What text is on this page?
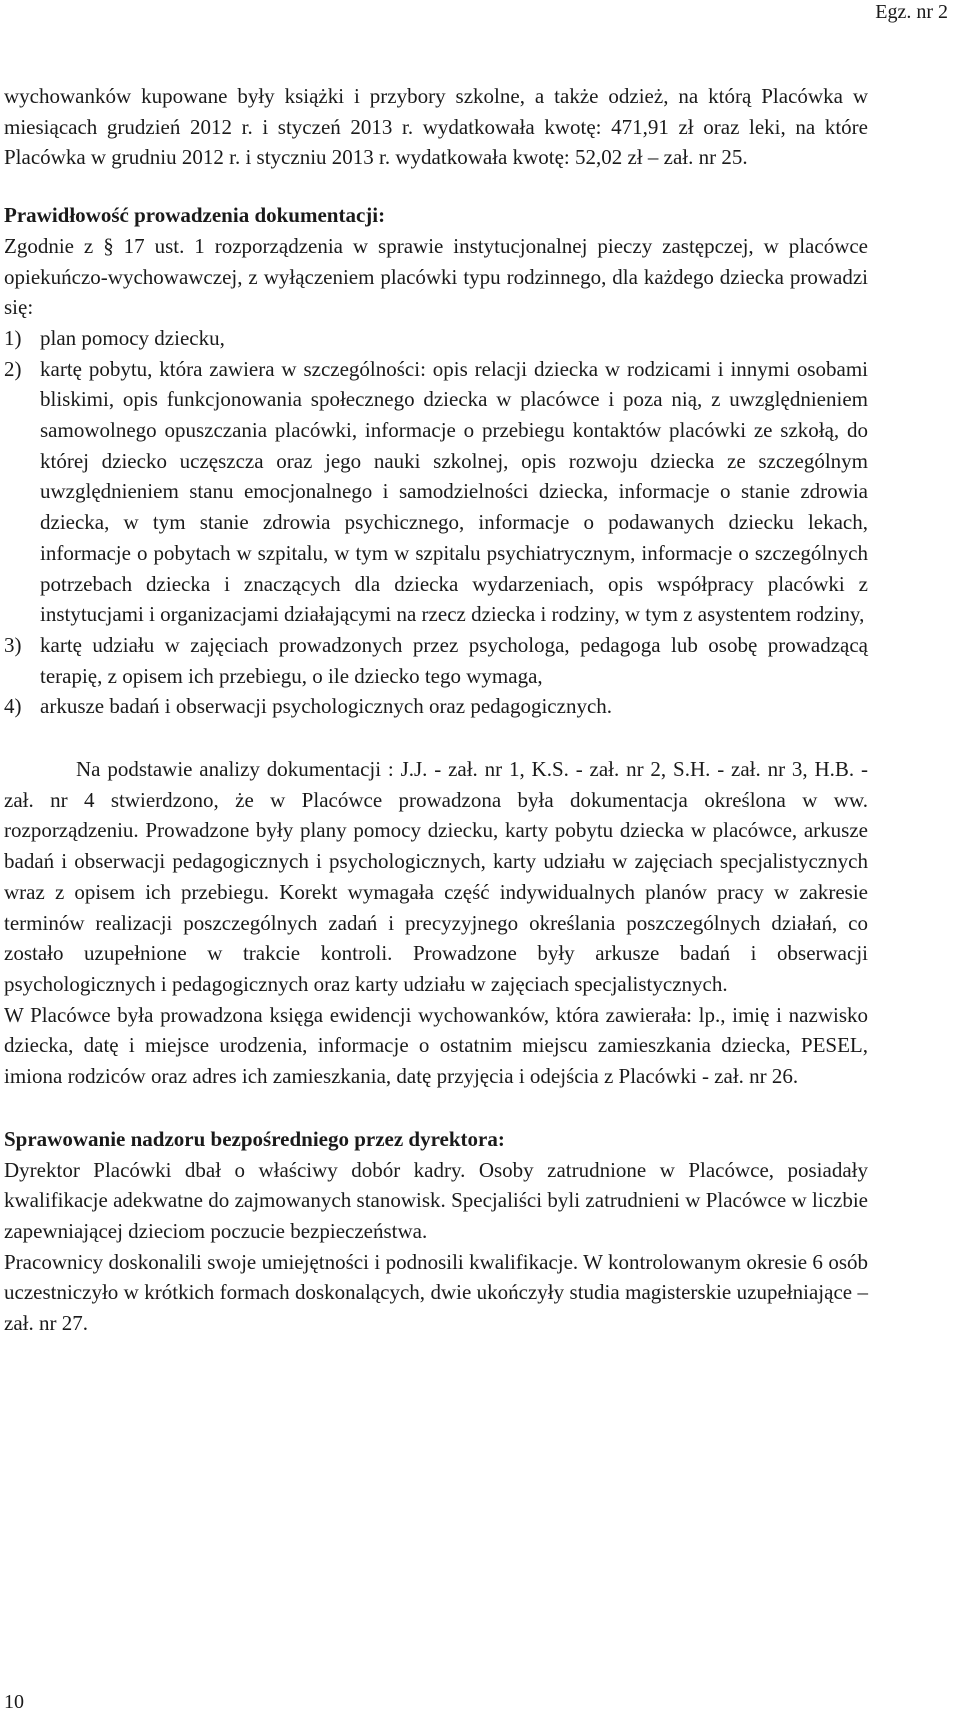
Egz. nr 2

wychowanków kupowane były książki i przybory szkolne, a także odzież, na którą Placówka w miesiącach grudzień 2012 r. i styczeń 2013 r. wydatkowała kwotę: 471,91 zł oraz leki, na które Placówka w grudniu 2012 r. i styczniu 2013 r. wydatkowała kwotę: 52,02 zł – zał. nr 25.

Prawidłowość prowadzenia dokumentacji:

Zgodnie z § 17 ust. 1 rozporządzenia w sprawie instytucjonalnej pieczy zastępczej, w placówce opiekuńczo-wychowawczej, z wyłączeniem placówki typu rodzinnego, dla każdego dziecka prowadzi się:

1) plan pomocy dziecku,
2) kartę pobytu, która zawiera w szczególności: opis relacji dziecka w rodzicami i innymi osobami bliskimi, opis funkcjonowania społecznego dziecka w placówce i poza nią, z uwzględnieniem samowolnego opuszczania placówki, informacje o przebiegu kontaktów placówki ze szkołą, do której dziecko uczęszcza oraz jego nauki szkolnej, opis rozwoju dziecka ze szczególnym uwzględnieniem stanu emocjonalnego i samodzielności dziecka, informacje o stanie zdrowia dziecka, w tym stanie zdrowia psychicznego, informacje o podawanych dziecku lekach, informacje o pobytach w szpitalu, w tym w szpitalu psychiatrycznym, informacje o szczególnych potrzebach dziecka i znaczących dla dziecka wydarzeniach, opis współpracy placówki z instytucjami i organizacjami działającymi na rzecz dziecka i rodziny, w tym z asystentem rodziny,
3) kartę udziału w zajęciach prowadzonych przez psychologa, pedagoga lub osobę prowadzącą terapię, z opisem ich przebiegu, o ile dziecko tego wymaga,
4) arkusze badań i obserwacji psychologicznych oraz pedagogicznych.

Na podstawie analizy dokumentacji : J.J. - zał. nr 1, K.S. - zał. nr 2, S.H. - zał. nr 3, H.B. - zał. nr 4 stwierdzono, że w Placówce prowadzona była dokumentacja określona w ww. rozporządzeniu. Prowadzone były plany pomocy dziecku, karty pobytu dziecka w placówce, arkusze badań i obserwacji pedagogicznych i psychologicznych, karty udziału w zajęciach specjalistycznych wraz z opisem ich przebiegu. Korekt wymagała część indywidualnych planów pracy w zakresie terminów realizacji poszczególnych zadań i precyzyjnego określania poszczególnych działań, co zostało uzupełnione w trakcie kontroli. Prowadzone były arkusze badań i obserwacji psychologicznych i pedagogicznych oraz karty udziału w zajęciach specjalistycznych.

W Placówce była prowadzona księga ewidencji wychowanków, która zawierała: lp., imię i nazwisko dziecka, datę i miejsce urodzenia, informacje o ostatnim miejscu zamieszkania dziecka, PESEL, imiona rodziców oraz adres ich zamieszkania, datę przyjęcia i odejścia z Placówki - zał. nr 26.

Sprawowanie nadzoru bezpośredniego przez dyrektora:

Dyrektor Placówki dbał o właściwy dobór kadry. Osoby zatrudnione w Placówce, posiadały kwalifikacje adekwatne do zajmowanych stanowisk. Specjaliści byli zatrudnieni w Placówce w liczbie zapewniającej dzieciom poczucie bezpieczeństwa.

Pracownicy doskonalili swoje umiejętności i podnosili kwalifikacje. W kontrolowanym okresie 6 osób uczestniczyło w krótkich formach doskonalących, dwie ukończyły studia magisterskie uzupełniające – zał. nr 27.

10
